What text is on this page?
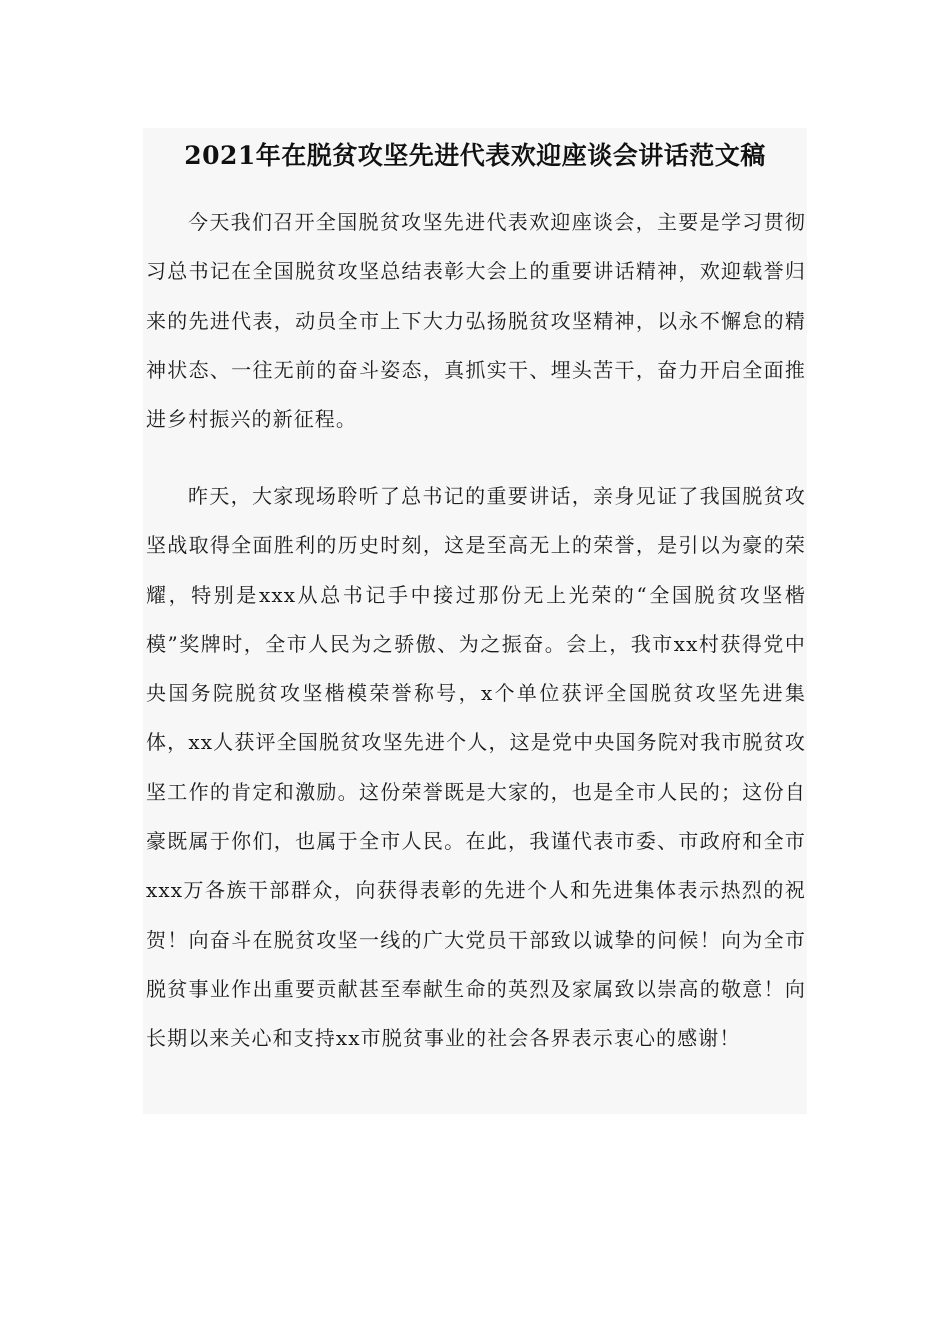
2021年在脱贫攻坚先进代表欢迎座谈会讲话范文稿

今天我们召开全国脱贫攻坚先进代表欢迎座谈会，主要是学习贯彻习总书记在全国脱贫攻坚总结表彰大会上的重要讲话精神，欢迎载誉归来的先进代表，动员全市上下大力弘扬脱贫攻坚精神，以永不懈怠的精神状态、一往无前的奋斗姿态，真抓实干、埋头苦干，奋力开启全面推进乡村振兴的新征程。

昨天，大家现场聆听了总书记的重要讲话，亲身见证了我国脱贫攻坚战取得全面胜利的历史时刻，这是至高无上的荣誉，是引以为豪的荣耀，特别是xxx从总书记手中接过那份无上光荣的“全国脱贫攻坚楷模”奖牌时，全市人民为之骄傲、为之振奋。会上，我市xx村获得党中央国务院脱贫攻坚楷模荣誉称号，x个单位获评全国脱贫攻坚先进集体，xx人获评全国脱贫攻坚先进个人，这是党中央国务院对我市脱贫攻坚工作的肯定和激励。这份荣誉既是大家的，也是全市人民的；这份自豪既属于你们，也属于全市人民。在此，我谨代表市委、市政府和全市xxx万各族干部群众，向获得表彰的先进个人和先进集体表示热烈的祝贺！向奋斗在脱贫攻坚一线的广大党员干部致以诚挚的问候！向为全市脱贫事业作出重要贡献甚至奉献生命的英烈及家属致以崇高的敬意！向长期以来关心和支持xx市脱贫事业的社会各界表示衷心的感谢！
